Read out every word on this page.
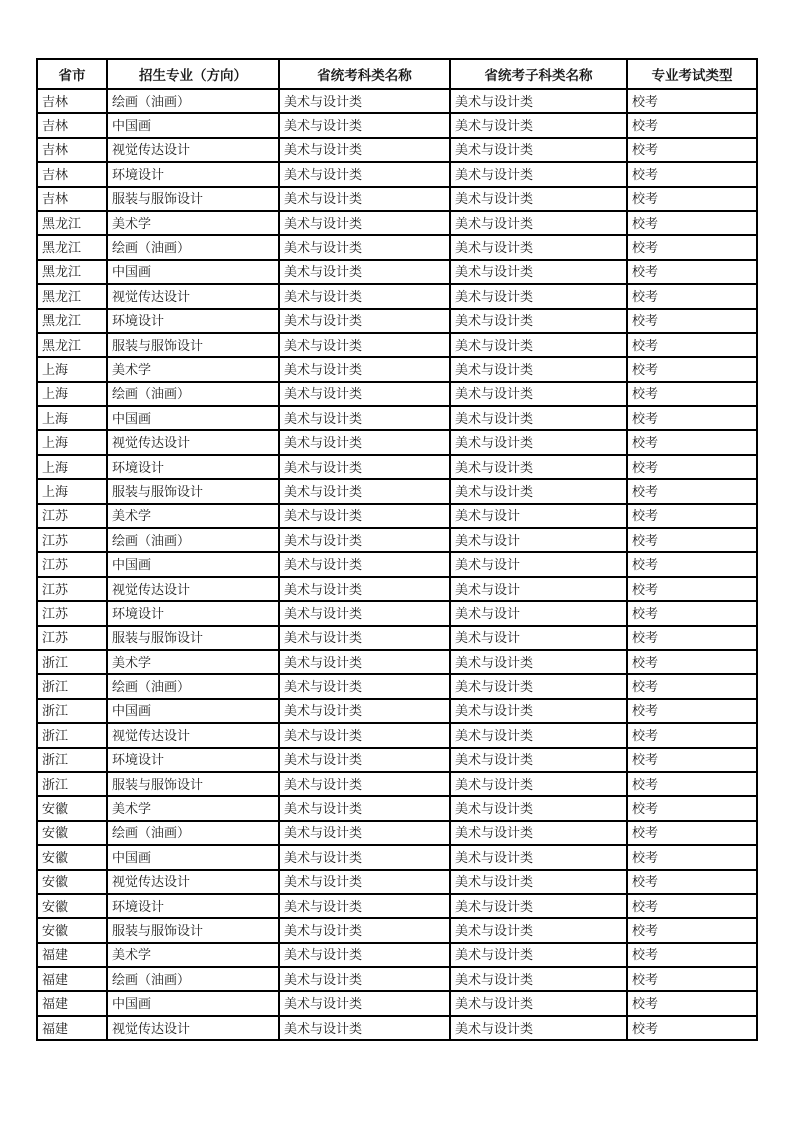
省市	招生专业（方向）	省统考科类名称	省统考子科类名称	专业考试类型
吉林	绘画（油画）	美术与设计类	美术与设计类	校考
吉林	中国画	美术与设计类	美术与设计类	校考
吉林	视觉传达设计	美术与设计类	美术与设计类	校考
吉林	环境设计	美术与设计类	美术与设计类	校考
吉林	服装与服饰设计	美术与设计类	美术与设计类	校考
黑龙江	美术学	美术与设计类	美术与设计类	校考
黑龙江	绘画（油画）	美术与设计类	美术与设计类	校考
黑龙江	中国画	美术与设计类	美术与设计类	校考
黑龙江	视觉传达设计	美术与设计类	美术与设计类	校考
黑龙江	环境设计	美术与设计类	美术与设计类	校考
黑龙江	服装与服饰设计	美术与设计类	美术与设计类	校考
上海	美术学	美术与设计类	美术与设计类	校考
上海	绘画（油画）	美术与设计类	美术与设计类	校考
上海	中国画	美术与设计类	美术与设计类	校考
上海	视觉传达设计	美术与设计类	美术与设计类	校考
上海	环境设计	美术与设计类	美术与设计类	校考
上海	服装与服饰设计	美术与设计类	美术与设计类	校考
江苏	美术学	美术与设计类	美术与设计	校考
江苏	绘画（油画）	美术与设计类	美术与设计	校考
江苏	中国画	美术与设计类	美术与设计	校考
江苏	视觉传达设计	美术与设计类	美术与设计	校考
江苏	环境设计	美术与设计类	美术与设计	校考
江苏	服装与服饰设计	美术与设计类	美术与设计	校考
浙江	美术学	美术与设计类	美术与设计类	校考
浙江	绘画（油画）	美术与设计类	美术与设计类	校考
浙江	中国画	美术与设计类	美术与设计类	校考
浙江	视觉传达设计	美术与设计类	美术与设计类	校考
浙江	环境设计	美术与设计类	美术与设计类	校考
浙江	服装与服饰设计	美术与设计类	美术与设计类	校考
安徽	美术学	美术与设计类	美术与设计类	校考
安徽	绘画（油画）	美术与设计类	美术与设计类	校考
安徽	中国画	美术与设计类	美术与设计类	校考
安徽	视觉传达设计	美术与设计类	美术与设计类	校考
安徽	环境设计	美术与设计类	美术与设计类	校考
安徽	服装与服饰设计	美术与设计类	美术与设计类	校考
福建	美术学	美术与设计类	美术与设计类	校考
福建	绘画（油画）	美术与设计类	美术与设计类	校考
福建	中国画	美术与设计类	美术与设计类	校考
福建	视觉传达设计	美术与设计类	美术与设计类	校考
